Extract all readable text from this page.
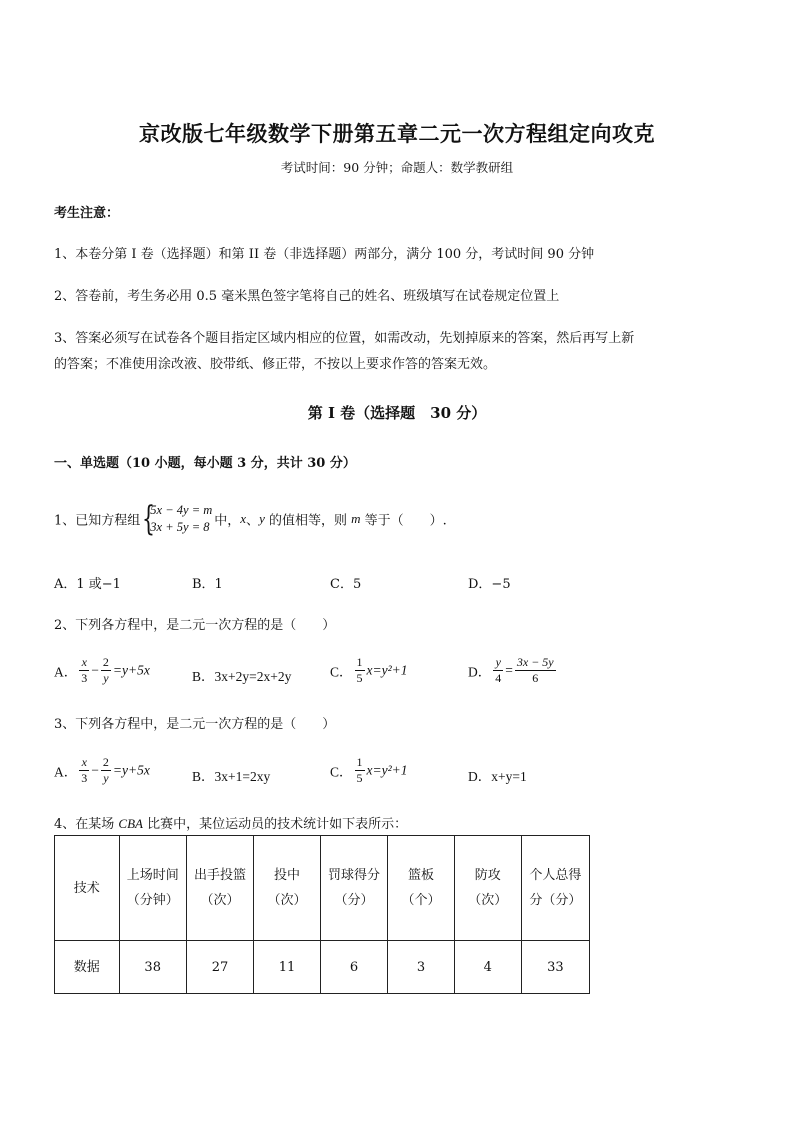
京改版七年级数学下册第五章二元一次方程组定向攻克
考试时间：90 分钟；命题人：数学教研组
考生注意：
1、本卷分第 I 卷（选择题）和第 II 卷（非选择题）两部分，满分 100 分，考试时间 90 分钟
2、答卷前，考生务必用 0.5 毫米黑色签字笔将自己的姓名、班级填写在试卷规定位置上
3、答案必须写在试卷各个题目指定区域内相应的位置，如需改动，先划掉原来的答案，然后再写上新
的答案；不准使用涂改液、胶带纸、修正带，不按以上要求作答的答案无效。
第 I 卷（选择题　30 分）
一、单选题（10 小题，每小题 3 分，共计 30 分）
1、已知方程组 {
5x − 4y = m
3x + 5y = 8 中，x、y 的值相等，则 m 等于（　　）.
A．1 或−1	B．1	C．5	D．−5
2、下列各方程中，是二元一次方程的是（　　）
A． $\frac{x}{3} - \frac{2}{y} =y+5x$	B．3x+2y=2x+2y	C． $\frac{1}{5} x=y^2+1$	D． $\frac{y}{4} = \frac{3x - 5y}{6}$
3、下列各方程中，是二元一次方程的是（　　）
A． $\frac{x}{3} - \frac{2}{y} =y+5x$	B．3x+1=2xy	C． $\frac{1}{5} x=y^2+1$	D．x+y=1
4、在某场 CBA 比赛中，某位运动员的技术统计如下表所示：
技术	上场时间（分钟）	出手投篮（次）	投中（次）	罚球得分（分）	篮板（个）	防攻（次）	个人总得分（分）
数据	38	27	11	6	3	4	33
